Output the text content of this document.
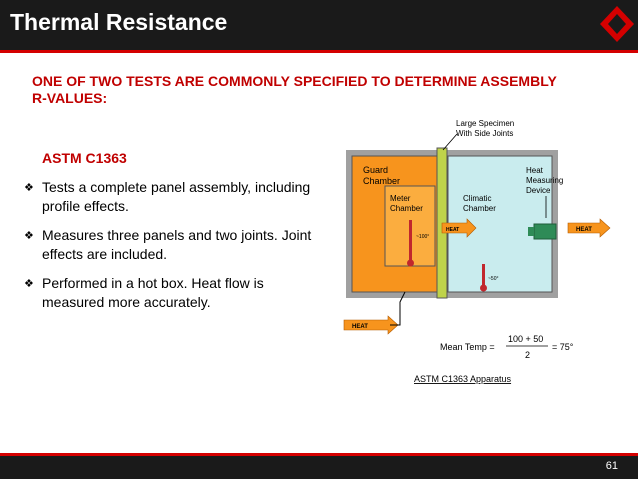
Thermal Resistance
ONE OF TWO TESTS ARE COMMONLY SPECIFIED TO DETERMINE ASSEMBLY R-VALUES:
ASTM C1363
❖ Tests a complete panel assembly, including profile effects.
❖ Measures three panels and two joints. Joint effects are included.
❖ Performed in a hot box. Heat flow is measured more accurately.
Guard
Chamber
Meter
Chamber
~100°
Large Specimen
With Side Joints
Climatic
Chamber
~50°
Heat
Measuring
Device
HEAT	HEAT
HEAT
Mean Temp =
100 + 50
2
= 75°
ASTM C1363 Apparatus
61
